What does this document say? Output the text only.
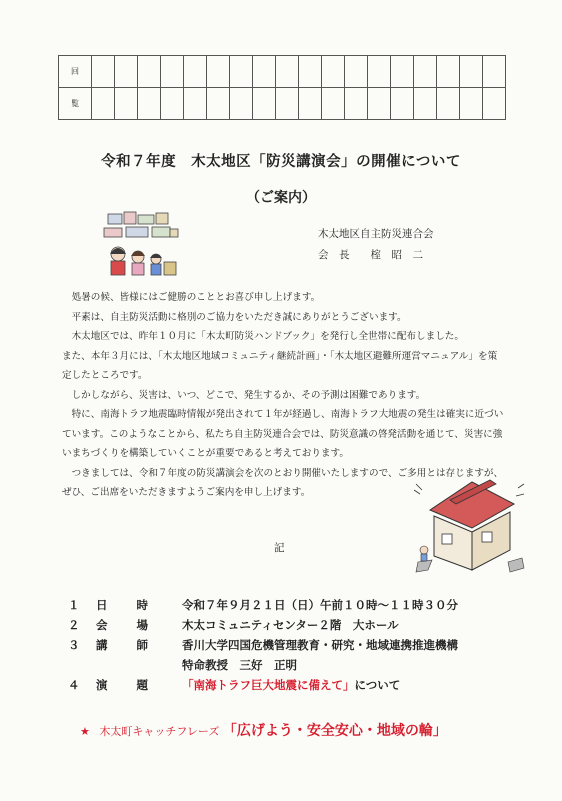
回																		
覧																		
令和７年度　木太地区「防災講演会」の開催について
（ご案内）
木太地区自主防災連合会
会　長　　榁　昭　二

処暑の候、皆様にはご健勝のこととお喜び申し上げます。

平素は、自主防災活動に格別のご協力をいただき誠にありがとうございます。

木太地区では、昨年１０月に「木太町防災ハンドブック」を発行し全世帯に配布しました。

また、本年３月には、「木太地区地域コミュニティ継続計画」・「木太地区避難所運営マニュアル」を策定したところです。

しかしながら、災害は、いつ、どこで、発生するか、その予測は困難であります。

特に、南海トラフ地震臨時情報が発出されて１年が経過し、南海トラフ大地震の発生は確実に近づいています。このようなことから、私たち自主防災連合会では、防災意識の啓発活動を通じて、災害に強いまちづくりを構築していくことが重要であると考えております。

つきましては、令和７年度の防災講演会を次のとおり開催いたしますので、ご多用とは存じますが、ぜひ、ご出席をいただきますようご案内を申し上げます。

記
１	日	時	令和７年９月２１日（日）午前１０時～１１時３０分
２	会	場	木太コミュニティセンター２階　大ホール
３	講	師	香川大学四国危機管理教育・研究・地域連携推進機構
特命教授　三好　正明
４	演	題	「南海トラフ巨大地震に備えて」について
★ 木太町キャッチフレーズ 「広げよう・安全安心・地域の輪」
